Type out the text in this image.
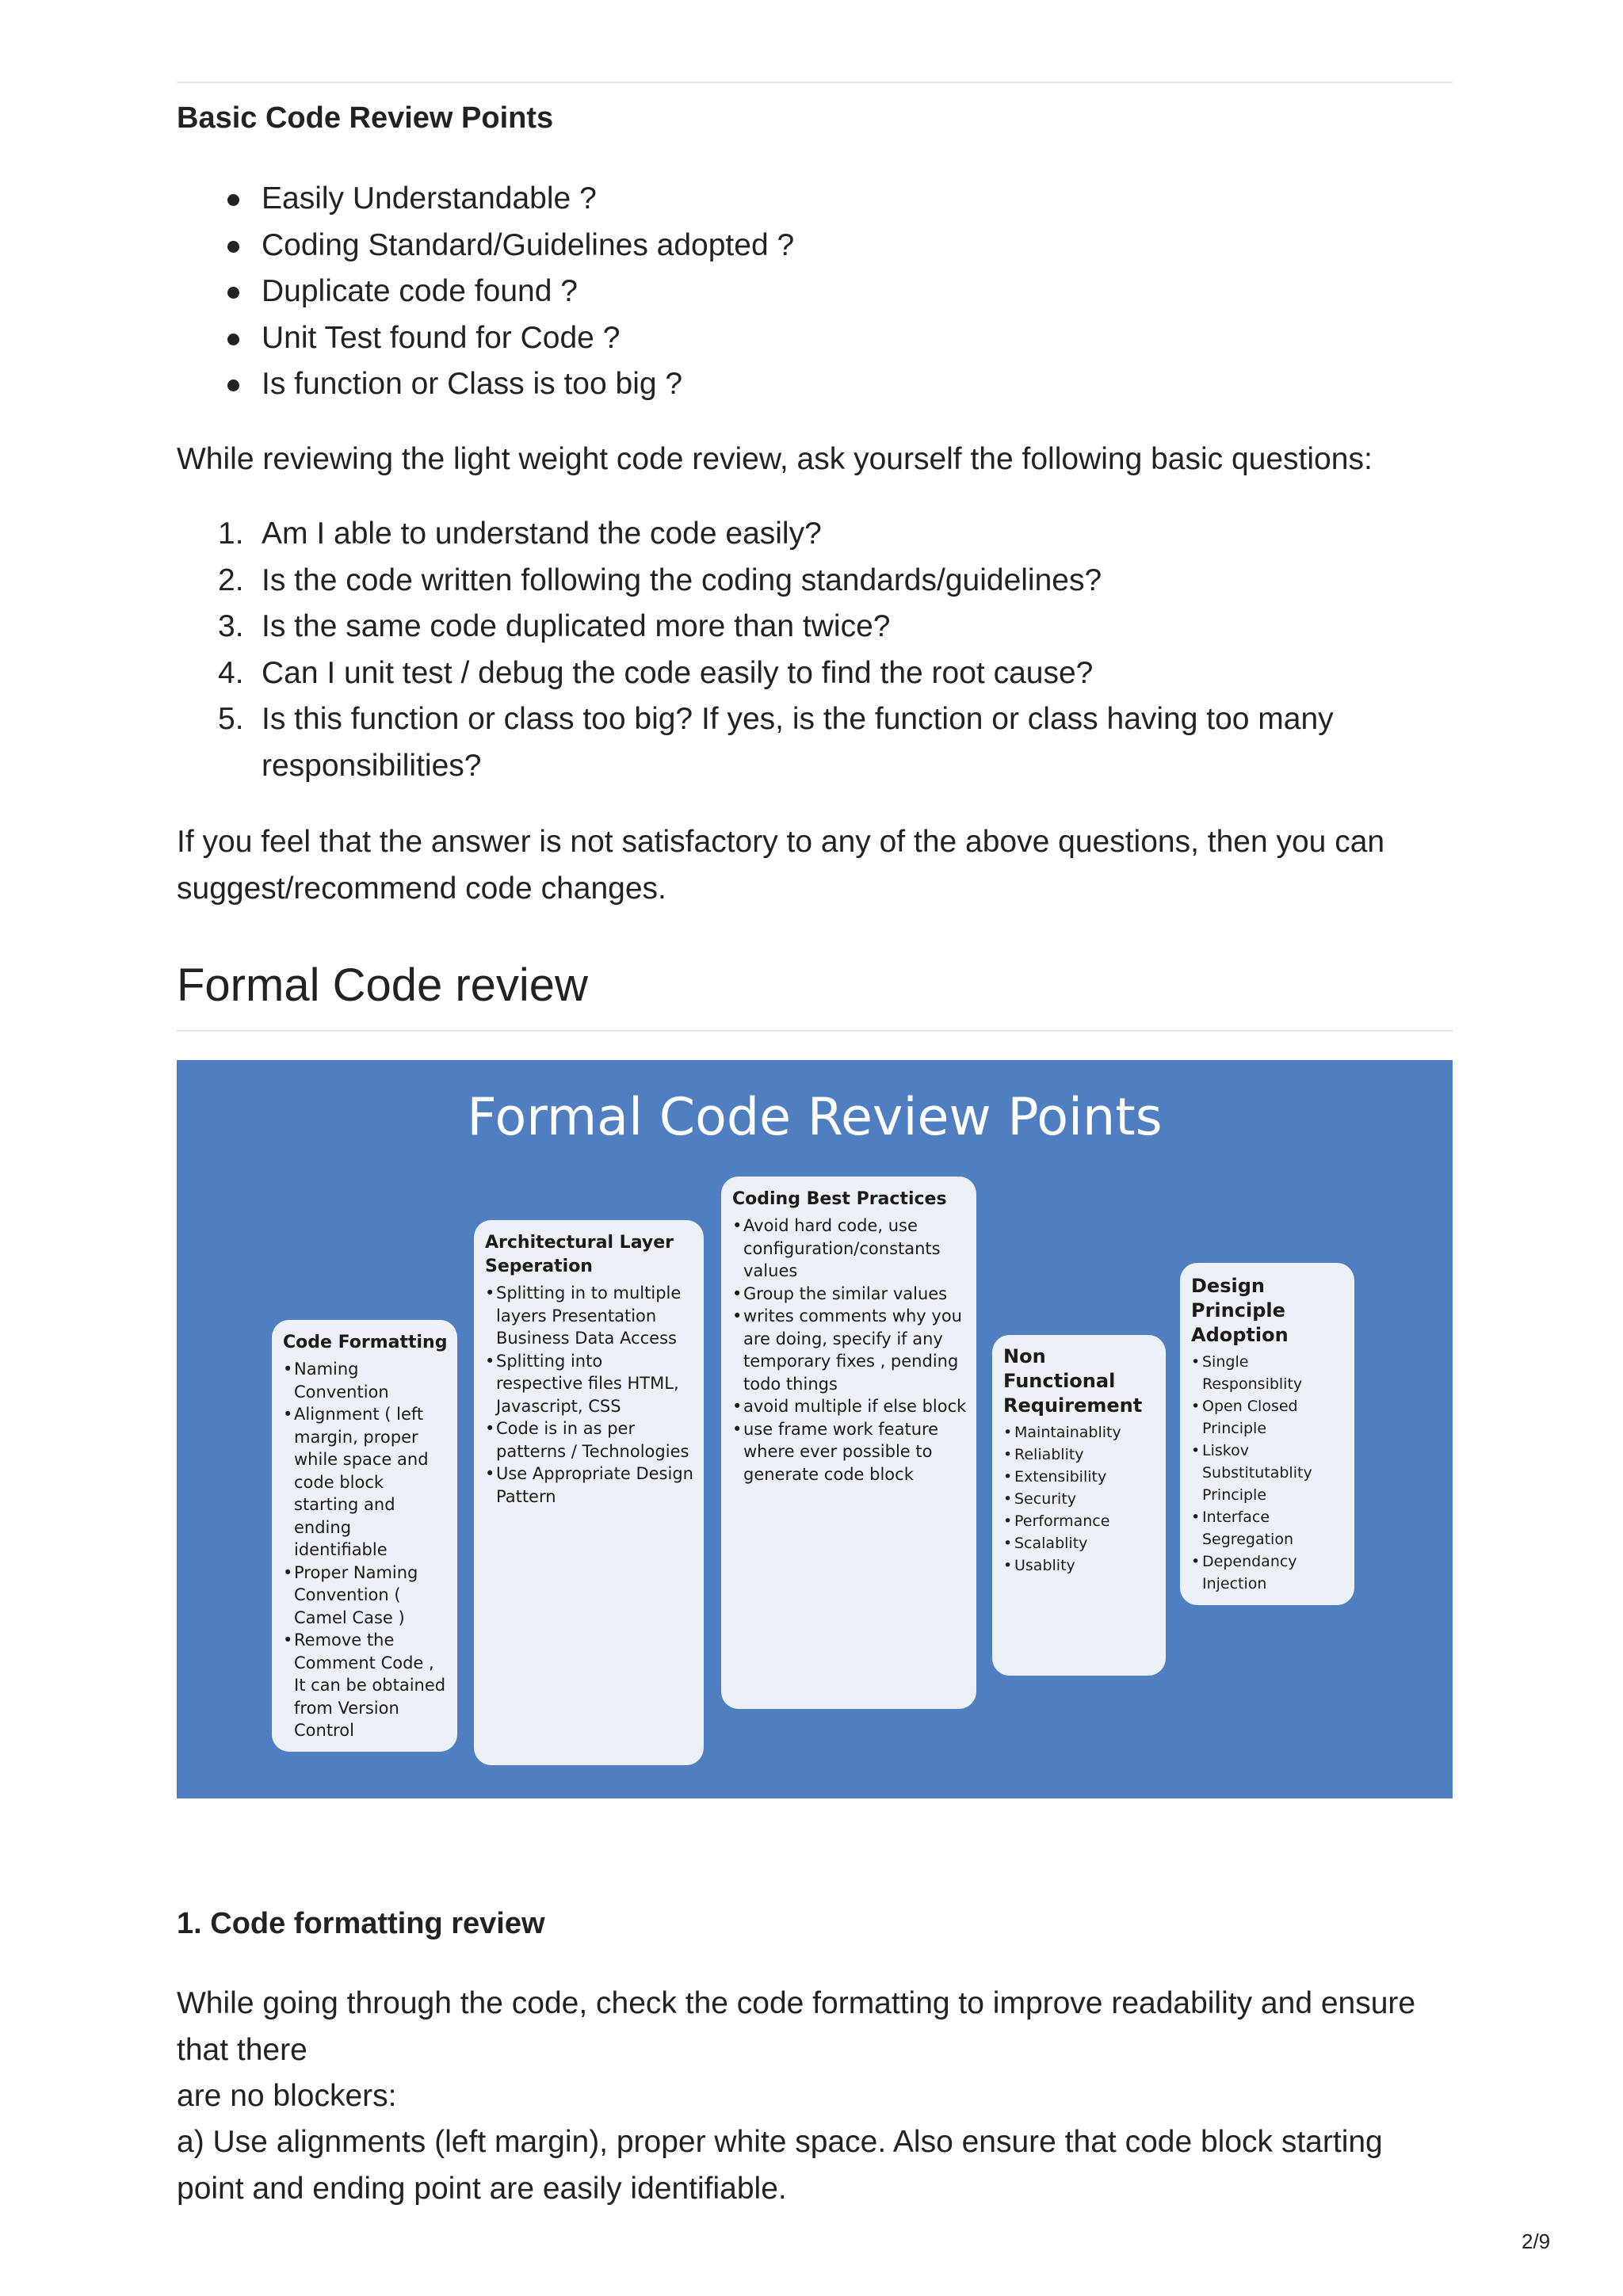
Basic Code Review Points
Easily Understandable ?
Coding Standard/Guidelines adopted ?
Duplicate code found ?
Unit Test found for Code ?
Is function or Class is too big ?

While reviewing the light weight code review, ask yourself the following basic questions:

1. Am I able to understand the code easily?
2. Is the code written following the coding standards/guidelines?
3. Is the same code duplicated more than twice?
4. Can I unit test / debug the code easily to find the root cause?
5. Is this function or class too big? If yes, is the function or class having too many responsibilities?

If you feel that the answer is not satisfactory to any of the above questions, then you can suggest/recommend code changes.

Formal Code review
Formal Code Review Points
Code Formatting
• Naming Convention
• Alignment ( left margin, proper while space and code block starting and ending identifiable
• Proper Naming Convention ( Camel Case )
• Remove the Comment Code , It can be obtained from Version Control
Architectural Layer Seperation
• Splitting in to multiple layers Presentation Business Data Access
• Splitting into respective files HTML, Javascript, CSS
• Code is in as per patterns / Technologies
• Use Appropriate Design Pattern
Coding Best Practices
• Avoid hard code, use configuration/constants values
• Group the similar values
• writes comments why you are doing, specify if any temporary fixes , pending todo things
• avoid multiple if else block
• use frame work feature where ever possible to generate code block
Non Functional Requirement
• Maintainablity
• Reliablity
• Extensibility
• Security
• Performance
• Scalablity
• Usablity
Design Principle Adoption
• Single Responsiblity
• Open Closed Principle
• Liskov Substitutablity Principle
• Interface Segregation
• Dependancy Injection
1. Code formatting review

While going through the code, check the code formatting to improve readability and ensure that there

are no blockers:

a) Use alignments (left margin), proper white space. Also ensure that code block starting point and ending point are easily identifiable.

2/9
